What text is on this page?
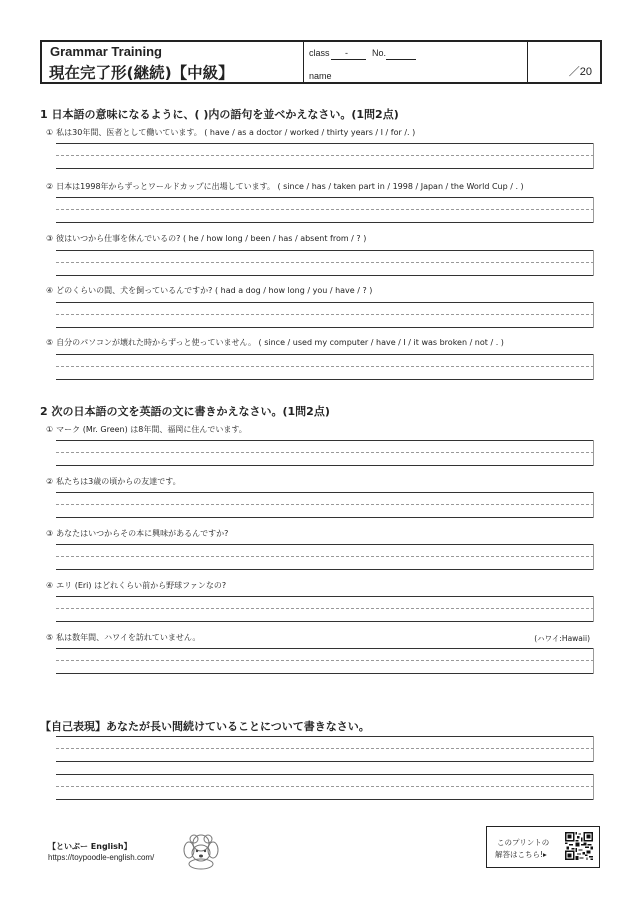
Grammar Training
現在完了形(継続)【中級】
class -	No.
name	／20
1 日本語の意味になるように、( )内の語句を並べかえなさい。(1問2点)
① 私は30年間、医者として働いています。 ( have / as a doctor / worked / thirty years / I / for /. )
② 日本は1998年からずっとワールドカップに出場しています。 ( since / has / taken part in / 1998 / Japan / the World Cup / . )
③ 彼はいつから仕事を休んでいるの? ( he / how long / been / has / absent from / ? )
④ どのくらいの間、犬を飼っているんですか? ( had a dog / how long / you / have / ? )
⑤ 自分のパソコンが壊れた時からずっと使っていません。 ( since / used my computer / have / I / it was broken / not / . )
2 次の日本語の文を英語の文に書きかえなさい。(1問2点)
① マーク (Mr. Green) は8年間、福岡に住んでいます。
② 私たちは3歳の頃からの友達です。
③ あなたはいつからその本に興味があるんですか?
④ エリ (Eri) はどれくらい前から野球ファンなの?
⑤ 私は数年間、ハワイを訪れていません。	(ハワイ:Hawaii)
【自己表現】あなたが長い間続けていることについて書きなさい。
【といぷー English】
https://toypoodle-english.com/
このプリントの
解答はこちら!▸
